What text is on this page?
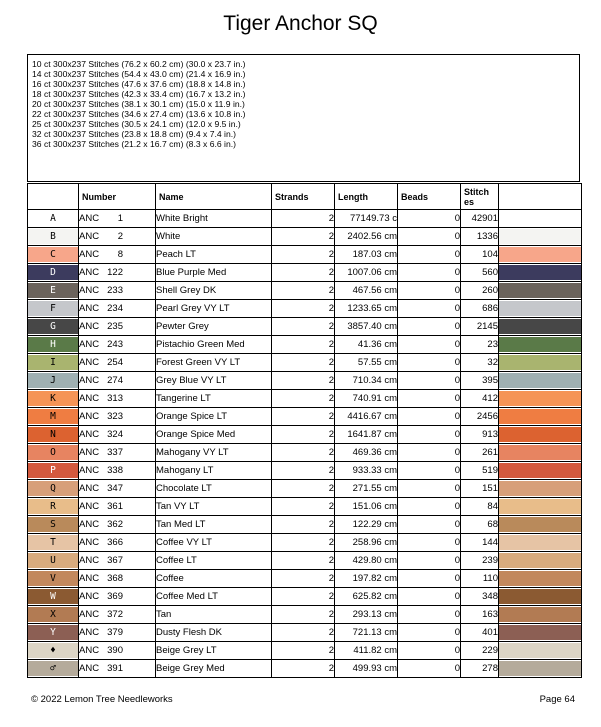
Tiger Anchor SQ
10 ct 300x237 Stitches (76.2 x 60.2 cm) (30.0 x 23.7 in.)
14 ct 300x237 Stitches (54.4 x 43.0 cm) (21.4 x 16.9 in.)
16 ct 300x237 Stitches (47.6 x 37.6 cm) (18.8 x 14.8 in.)
18 ct 300x237 Stitches (42.3 x 33.4 cm) (16.7 x 13.2 in.)
20 ct 300x237 Stitches (38.1 x 30.1 cm) (15.0 x 11.9 in.)
22 ct 300x237 Stitches (34.6 x 27.4 cm) (13.6 x 10.8 in.)
25 ct 300x237 Stitches (30.5 x 24.1 cm) (12.0 x 9.5 in.)
32 ct 300x237 Stitches (23.8 x 18.8 cm) (9.4 x 7.4 in.)
36 ct 300x237 Stitches (21.2 x 16.7 cm) (8.3 x 6.6 in.)
	Number	Name	Strands	Length	Beads	Stitch es	
A	ANC 1	White Bright	2	77149.73 c	0	42901	

B	ANC 2	White	2	2402.56 cm	0	1336	

C	ANC 8	Peach LT	2	187.03 cm	0	104	

D	ANC 122	Blue Purple Med	2	1007.06 cm	0	560	

E	ANC 233	Shell Grey DK	2	467.56 cm	0	260	

F	ANC 234	Pearl Grey VY LT	2	1233.65 cm	0	686	

G	ANC 235	Pewter Grey	2	3857.40 cm	0	2145	

H	ANC 243	Pistachio Green Med	2	41.36 cm	0	23	

I	ANC 254	Forest Green VY LT	2	57.55 cm	0	32	

J	ANC 274	Grey Blue VY LT	2	710.34 cm	0	395	

K	ANC 313	Tangerine LT	2	740.91 cm	0	412	

M	ANC 323	Orange Spice LT	2	4416.67 cm	0	2456	

N	ANC 324	Orange Spice Med	2	1641.87 cm	0	913	

O	ANC 337	Mahogany VY LT	2	469.36 cm	0	261	

P	ANC 338	Mahogany LT	2	933.33 cm	0	519	

Q	ANC 347	Chocolate LT	2	271.55 cm	0	151	

R	ANC 361	Tan VY LT	2	151.06 cm	0	84	

S	ANC 362	Tan Med LT	2	122.29 cm	0	68	

T	ANC 366	Coffee VY LT	2	258.96 cm	0	144	

U	ANC 367	Coffee LT	2	429.80 cm	0	239	

V	ANC 368	Coffee	2	197.82 cm	0	110	

W	ANC 369	Coffee Med LT	2	625.82 cm	0	348	

X	ANC 372	Tan	2	293.13 cm	0	163	

Y	ANC 379	Dusty Flesh DK	2	721.13 cm	0	401	

♦	ANC 390	Beige Grey LT	2	411.82 cm	0	229	

♂	ANC 391	Beige Grey Med	2	499.93 cm	0	278	
© 2022 Lemon Tree Needleworks	Page 64
